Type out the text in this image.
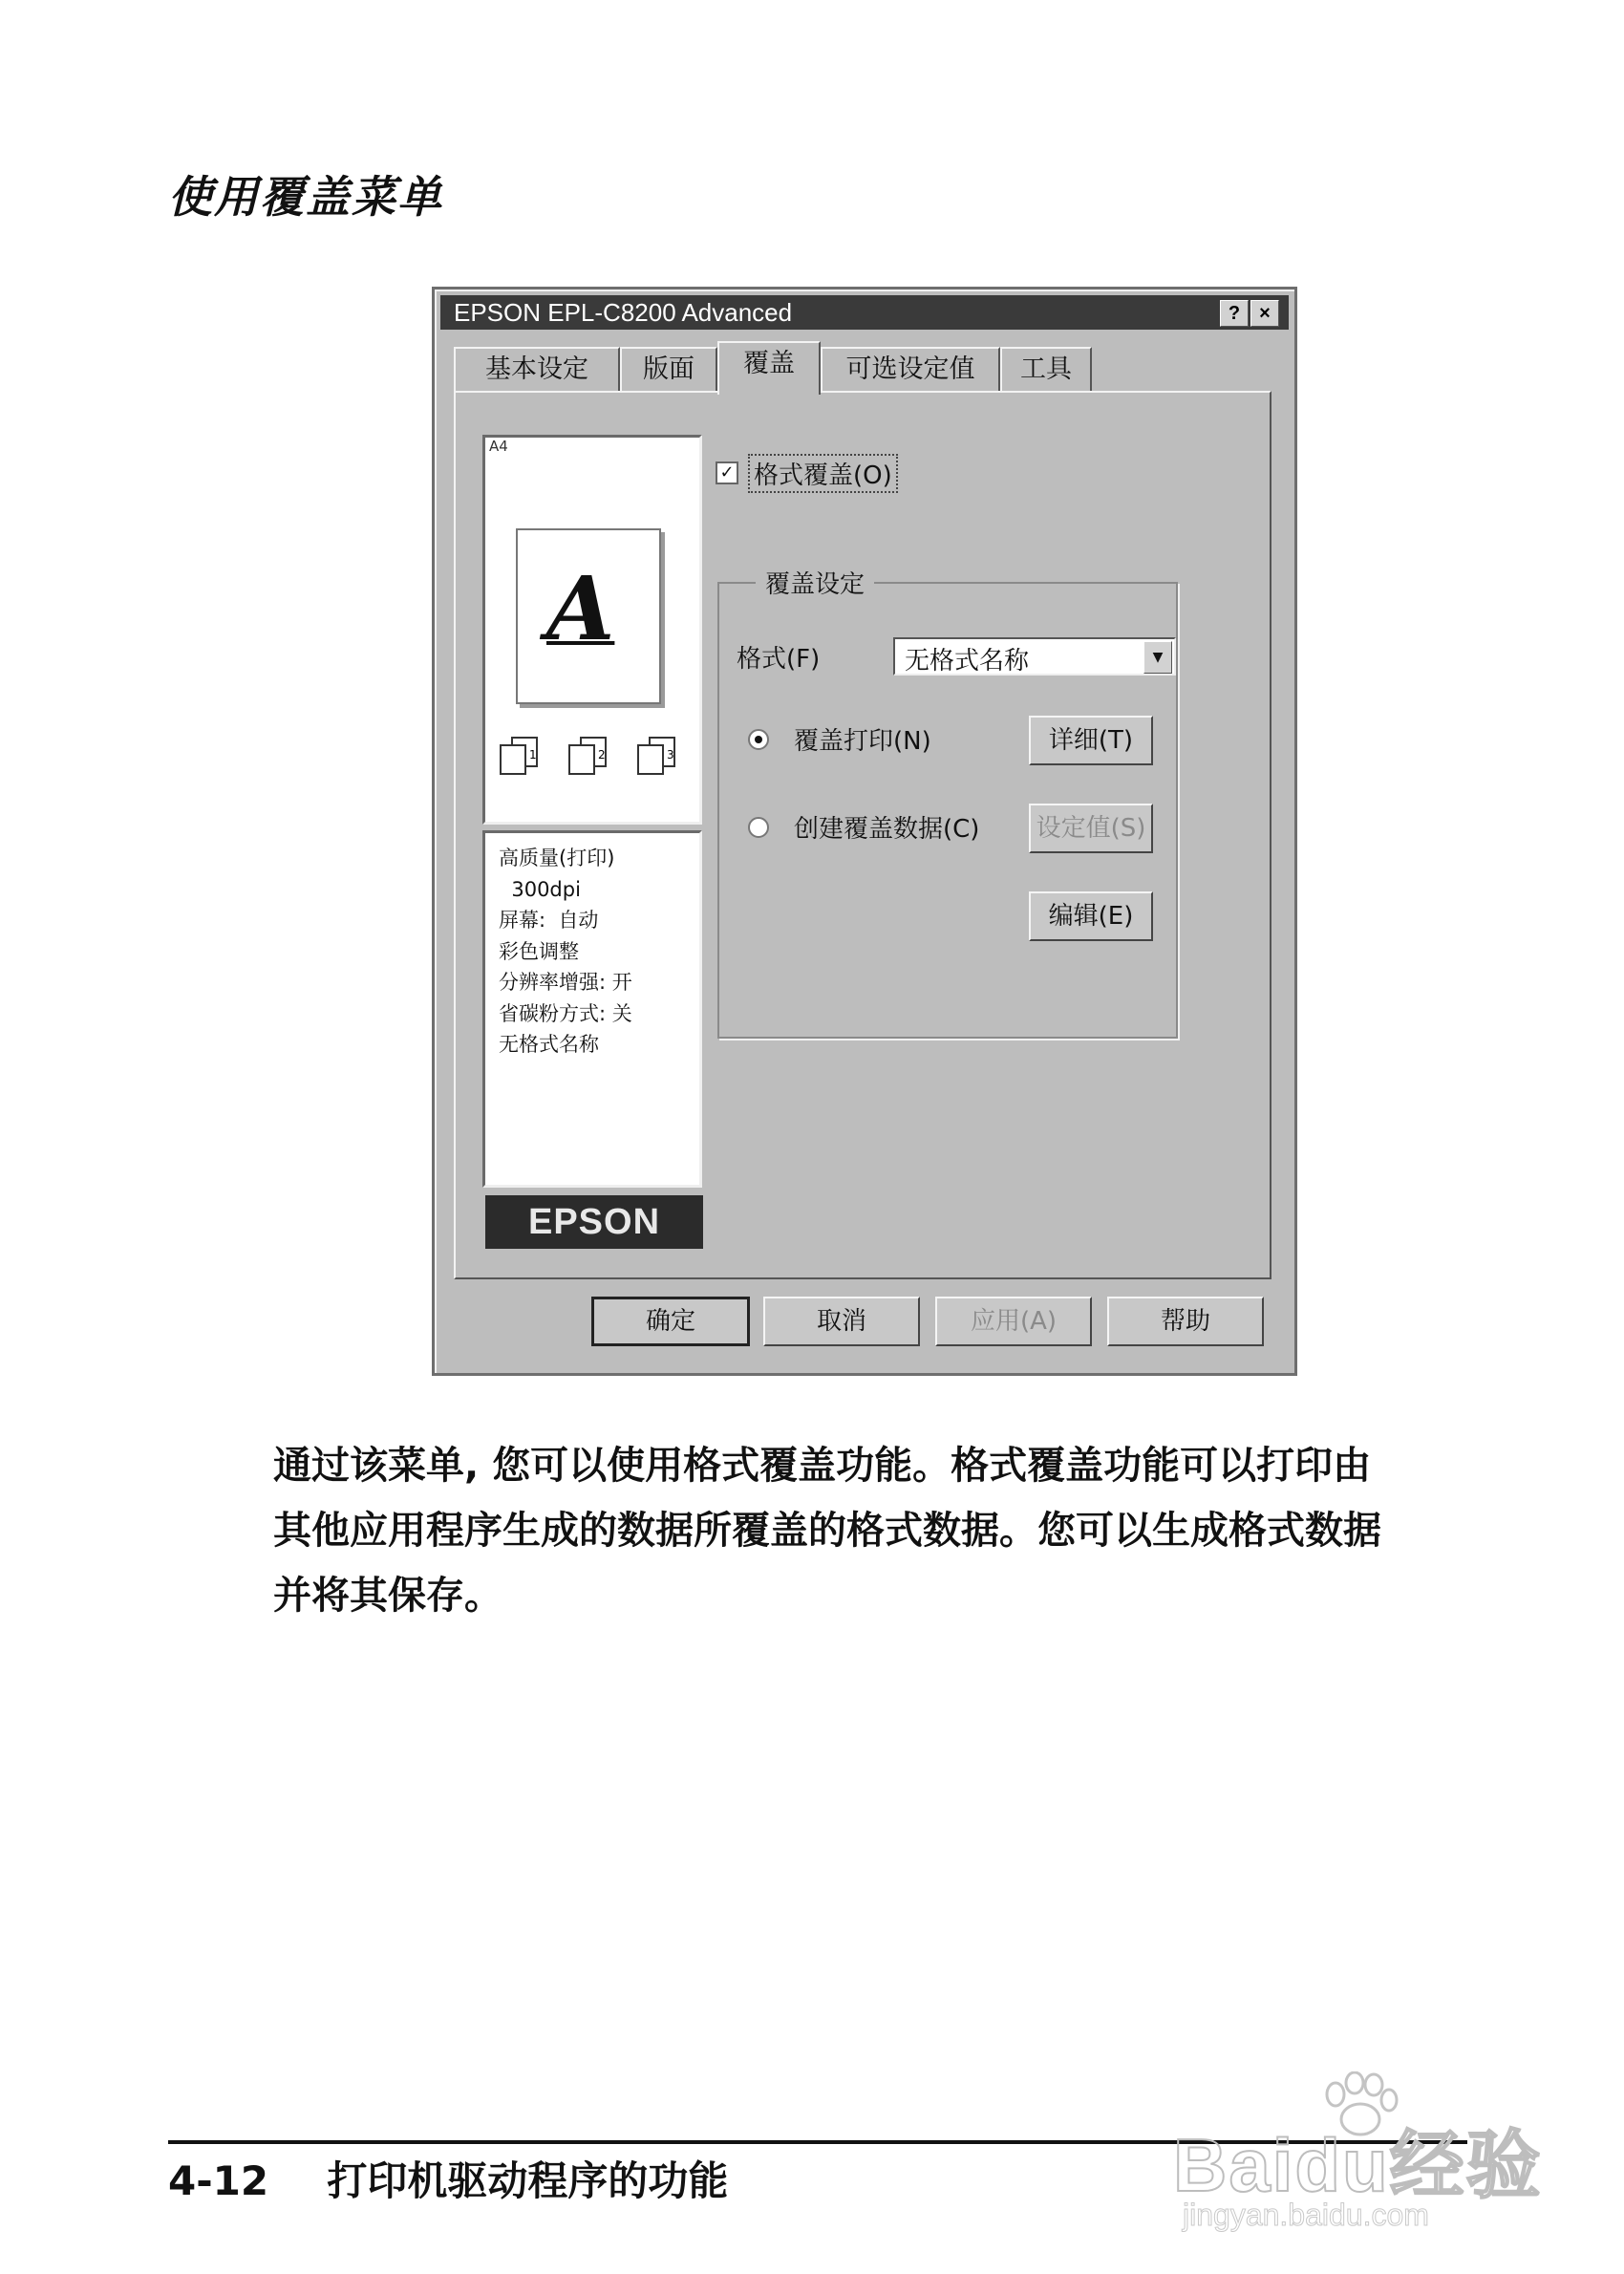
使用覆盖菜单
EPSON EPL-C8200 Advanced	?	×
基本设定	版面	覆盖	可选设定值	工具
A4
A
1	2	3
高质量(打印)
300dpi
屏幕:  自动
彩色调整
分辨率增强: 开
省碳粉方式: 关
无格式名称
EPSON
✓ 格式覆盖(O)
覆盖设定
格式(F)	无格式名称	▼
覆盖打印(N)
创建覆盖数据(C)
详细(T)
设定值(S)
编辑(E)
确定	取消	应用(A)	帮助
通过该菜单, 您可以使用格式覆盖功能。格式覆盖功能可以打印由
其他应用程序生成的数据所覆盖的格式数据。您可以生成格式数据
并将其保存。
4-12 打印机驱动程序的功能	Baidu经验
jingyan.baidu.com
